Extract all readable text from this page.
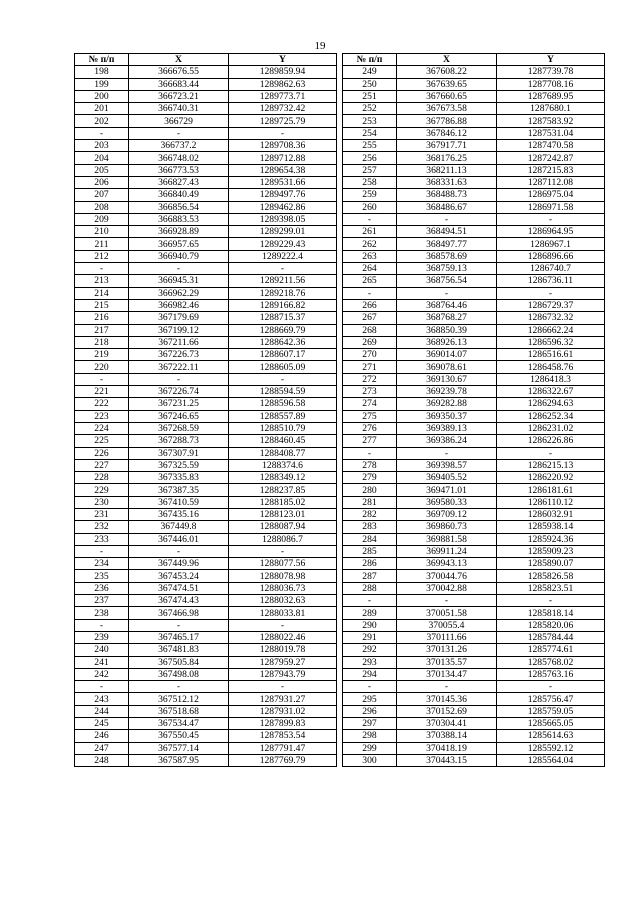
19
№ п/п	X	Y
198	366676.55	1289859.94
199	366683.44	1289862.63
200	366723.21	1289773.71
201	366740.31	1289732.42
202	366729	1289725.79
-	-	-
203	366737.2	1289708.36
204	366748.02	1289712.88
205	366773.53	1289654.38
206	366827.43	1289531.66
207	366840.49	1289497.76
208	366856.54	1289462.86
209	366883.53	1289398.05
210	366928.89	1289299.01
211	366957.65	1289229.43
212	366940.79	1289222.4
-	-	-
213	366945.31	1289211.56
214	366962.29	1289218.76
215	366982.46	1289166.82
216	367179.69	1288715.37
217	367199.12	1288669.79
218	367211.66	1288642.36
219	367226.73	1288607.17
220	367222.11	1288605.09
-	-	-
221	367226.74	1288594.59
222	367231.25	1288596.58
223	367246.65	1288557.89
224	367268.59	1288510.79
225	367288.73	1288460.45
226	367307.91	1288408.77
227	367325.59	1288374.6
228	367335.83	1288349.12
229	367387.35	1288237.85
230	367410.59	1288185.02
231	367435.16	1288123.01
232	367449.8	1288087.94
233	367446.01	1288086.7
-	-	-
234	367449.96	1288077.56
235	367453.24	1288078.98
236	367474.51	1288036.73
237	367474.43	1288032.63
238	367466.98	1288033.81
-	-	-
239	367465.17	1288022.46
240	367481.83	1288019.78
241	367505.84	1287959.27
242	367498.08	1287943.79
-	-	-
243	367512.12	1287931.27
244	367518.68	1287931.02
245	367534.47	1287899.83
246	367550.45	1287853.54
247	367577.14	1287791.47
248	367587.95	1287769.79
№ п/п	X	Y
249	367608.22	1287739.78
250	367639.65	1287708.16
251	367660.65	1287689.95
252	367673.58	1287680.1
253	367786.88	1287583.92
254	367846.12	1287531.04
255	367917.71	1287470.58
256	368176.25	1287242.87
257	368211.13	1287215.83
258	368331.63	1287112.08
259	368488.73	1286975.04
260	368486.67	1286971.58
-	-	-
261	368494.51	1286964.95
262	368497.77	1286967.1
263	368578.69	1286896.66
264	368759.13	1286740.7
265	368756.54	1286736.11
-	-	-
266	368764.46	1286729.37
267	368768.27	1286732.32
268	368850.39	1286662.24
269	368926.13	1286596.32
270	369014.07	1286516.61
271	369078.61	1286458.76
272	369130.67	1286418.3
273	369239.78	1286322.67
274	369282.88	1286294.63
275	369350.37	1286252.34
276	369389.13	1286231.02
277	369386.24	1286226.86
-	-	-
278	369398.57	1286215.13
279	369405.52	1286220.92
280	369471.01	1286181.61
281	369580.33	1286110.12
282	369709.12	1286032.91
283	369860.73	1285938.14
284	369881.58	1285924.36
285	369911.24	1285909.23
286	369943.13	1285890.07
287	370044.76	1285826.58
288	370042.88	1285823.51
-	-	-
289	370051.58	1285818.14
290	370055.4	1285820.06
291	370111.66	1285784.44
292	370131.26	1285774.61
293	370135.57	1285768.02
294	370134.47	1285763.16
-	-	-
295	370145.36	1285756.47
296	370152.69	1285759.05
297	370304.41	1285665.05
298	370388.14	1285614.63
299	370418.19	1285592.12
300	370443.15	1285564.04
